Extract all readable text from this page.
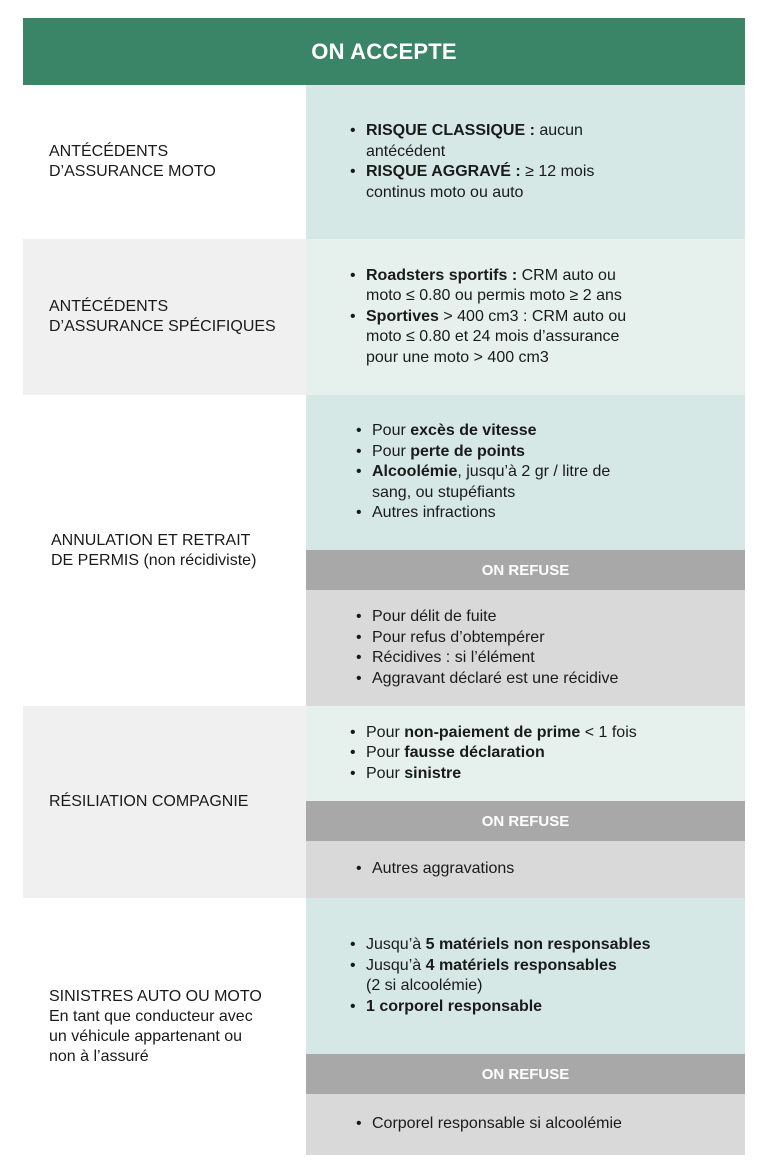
ON ACCEPTE
ANTÉCÉDENTS
D’ASSURANCE MOTO
• RISQUE CLASSIQUE : aucun
antécédent
• RISQUE AGGRAVÉ : ≥ 12 mois
continus moto ou auto
ANTÉCÉDENTS
D’ASSURANCE SPÉCIFIQUES
• Roadsters sportifs : CRM auto ou
moto ≤ 0.80 ou permis moto ≥ 2 ans
• Sportives > 400 cm3 : CRM auto ou
moto ≤ 0.80 et 24 mois d’assurance
pour une moto > 400 cm3
ANNULATION ET RETRAIT
DE PERMIS (non récidiviste)
• Pour excès de vitesse
• Pour perte de points
• Alcoolémie, jusqu’à 2 gr / litre de
sang, ou stupéfiants
• Autres infractions
ON REFUSE
• Pour délit de fuite
• Pour refus d’obtempérer
• Récidives : si l’élément
• Aggravant déclaré est une récidive
RÉSILIATION COMPAGNIE
• Pour non-paiement de prime < 1 fois
• Pour fausse déclaration
• Pour sinistre
ON REFUSE
• Autres aggravations
SINISTRES AUTO OU MOTO
En tant que conducteur avec
un véhicule appartenant ou
non à l’assuré
• Jusqu’à 5 matériels non responsables
• Jusqu’à 4 matériels responsables
(2 si alcoolémie)
• 1 corporel responsable
ON REFUSE
• Corporel responsable si alcoolémie
